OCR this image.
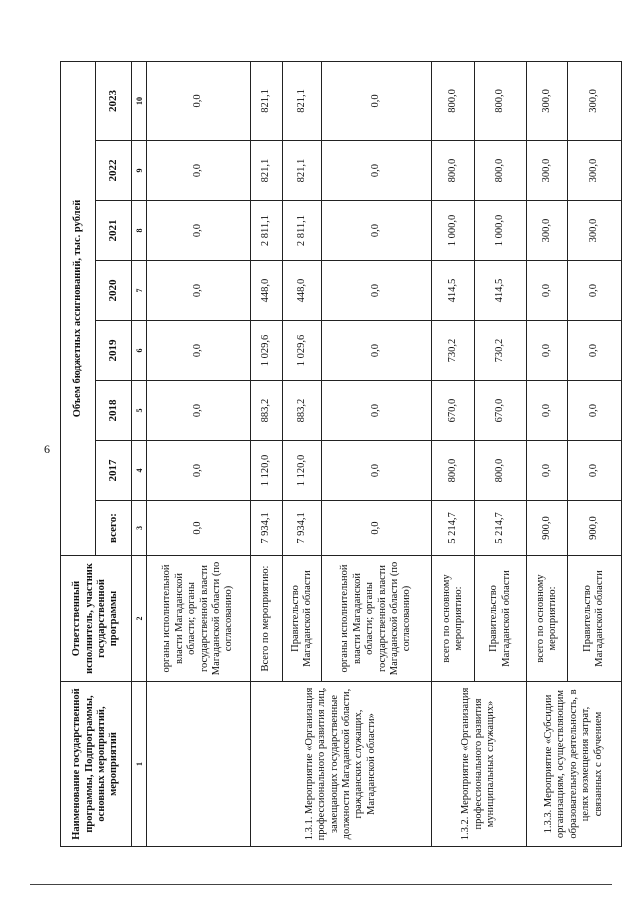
6
Наименование государственной программы, Подпрограммы, основных мероприятий, мероприятий	Ответственный исполнитель, участник государственной программы	Объем бюджетных ассигнований, тыс. рублей							
		всего:	2017	2018	2019	2020	2021	2022	2023
1	2	3	4	5	6	7	8	9	10
	органы исполнительной власти Магаданской области; органы государственной власти Магаданской области (по согласованию)	0,0	0,0	0,0	0,0	0,0	0,0	0,0	0,0
1.3.1. Мероприятие «Организация профессионального развития лиц, замещающих государственные должности Магаданской области, гражданских служащих, Магаданской области»	Всего по мероприятию:	7 934,1	1 120,0	883,2	1 029,6	448,0	2 811,1	821,1	821,1
	Правительство Магаданской области	7 934,1	1 120,0	883,2	1 029,6	448,0	2 811,1	821,1	821,1
	органы исполнительной власти Магаданской области; органы государственной власти Магаданской области (по согласованию)	0,0	0,0	0,0	0,0	0,0	0,0	0,0	0,0
1.3.2. Мероприятие «Организация профессионального развития муниципальных служащих»	всего по основному мероприятию:	5 214,7	800,0	670,0	730,2	414,5	1 000,0	800,0	800,0
	Правительство Магаданской области	5 214,7	800,0	670,0	730,2	414,5	1 000,0	800,0	800,0
1.3.3. Мероприятие «Субсидии организациям, осуществляющим образовательную деятельность, в целях возмещения затрат, связанных с обучением	всего по основному мероприятию:	900,0	0,0	0,0	0,0	0,0	300,0	300,0	300,0
	Правительство Магаданской области	900,0	0,0	0,0	0,0	0,0	300,0	300,0	300,0
